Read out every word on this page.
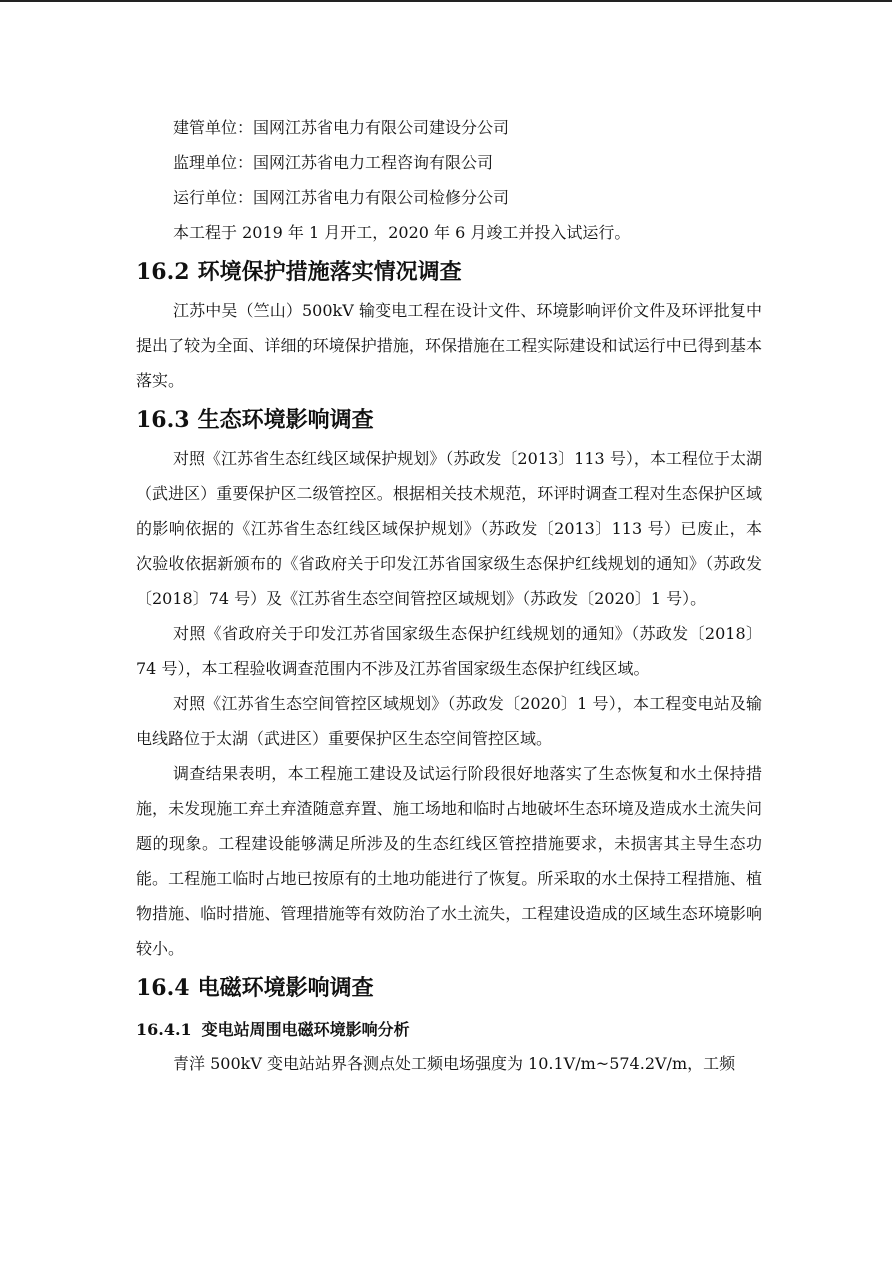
建管单位：国网江苏省电力有限公司建设分公司
监理单位：国网江苏省电力工程咨询有限公司
运行单位：国网江苏省电力有限公司检修分公司
本工程于 2019 年 1 月开工，2020 年 6 月竣工并投入试运行。
16.2 环境保护措施落实情况调查

江苏中吴（竺山）500kV 输变电工程在设计文件、环境影响评价文件及环评批复中提出了较为全面、详细的环境保护措施，环保措施在工程实际建设和试运行中已得到基本落实。

16.3 生态环境影响调查

对照《江苏省生态红线区域保护规划》（苏政发〔2013〕113 号），本工程位于太湖（武进区）重要保护区二级管控区。根据相关技术规范，环评时调查工程对生态保护区域的影响依据的《江苏省生态红线区域保护规划》（苏政发〔2013〕113 号）已废止，本次验收依据新颁布的《省政府关于印发江苏省国家级生态保护红线规划的通知》（苏政发〔2018〕74 号）及《江苏省生态空间管控区域规划》（苏政发〔2020〕1 号）。

对照《省政府关于印发江苏省国家级生态保护红线规划的通知》（苏政发〔2018〕74 号），本工程验收调查范围内不涉及江苏省国家级生态保护红线区域。

对照《江苏省生态空间管控区域规划》（苏政发〔2020〕1 号），本工程变电站及输电线路位于太湖（武进区）重要保护区生态空间管控区域。

调查结果表明，本工程施工建设及试运行阶段很好地落实了生态恢复和水土保持措施，未发现施工弃土弃渣随意弃置、施工场地和临时占地破坏生态环境及造成水土流失问题的现象。工程建设能够满足所涉及的生态红线区管控措施要求，未损害其主导生态功能。工程施工临时占地已按原有的土地功能进行了恢复。所采取的水土保持工程措施、植物措施、临时措施、管理措施等有效防治了水土流失，工程建设造成的区域生态环境影响较小。

16.4 电磁环境影响调查
16.4.1 变电站周围电磁环境影响分析

青洋 500kV 变电站站界各测点处工频电场强度为 10.1V/m~574.2V/m，工频
